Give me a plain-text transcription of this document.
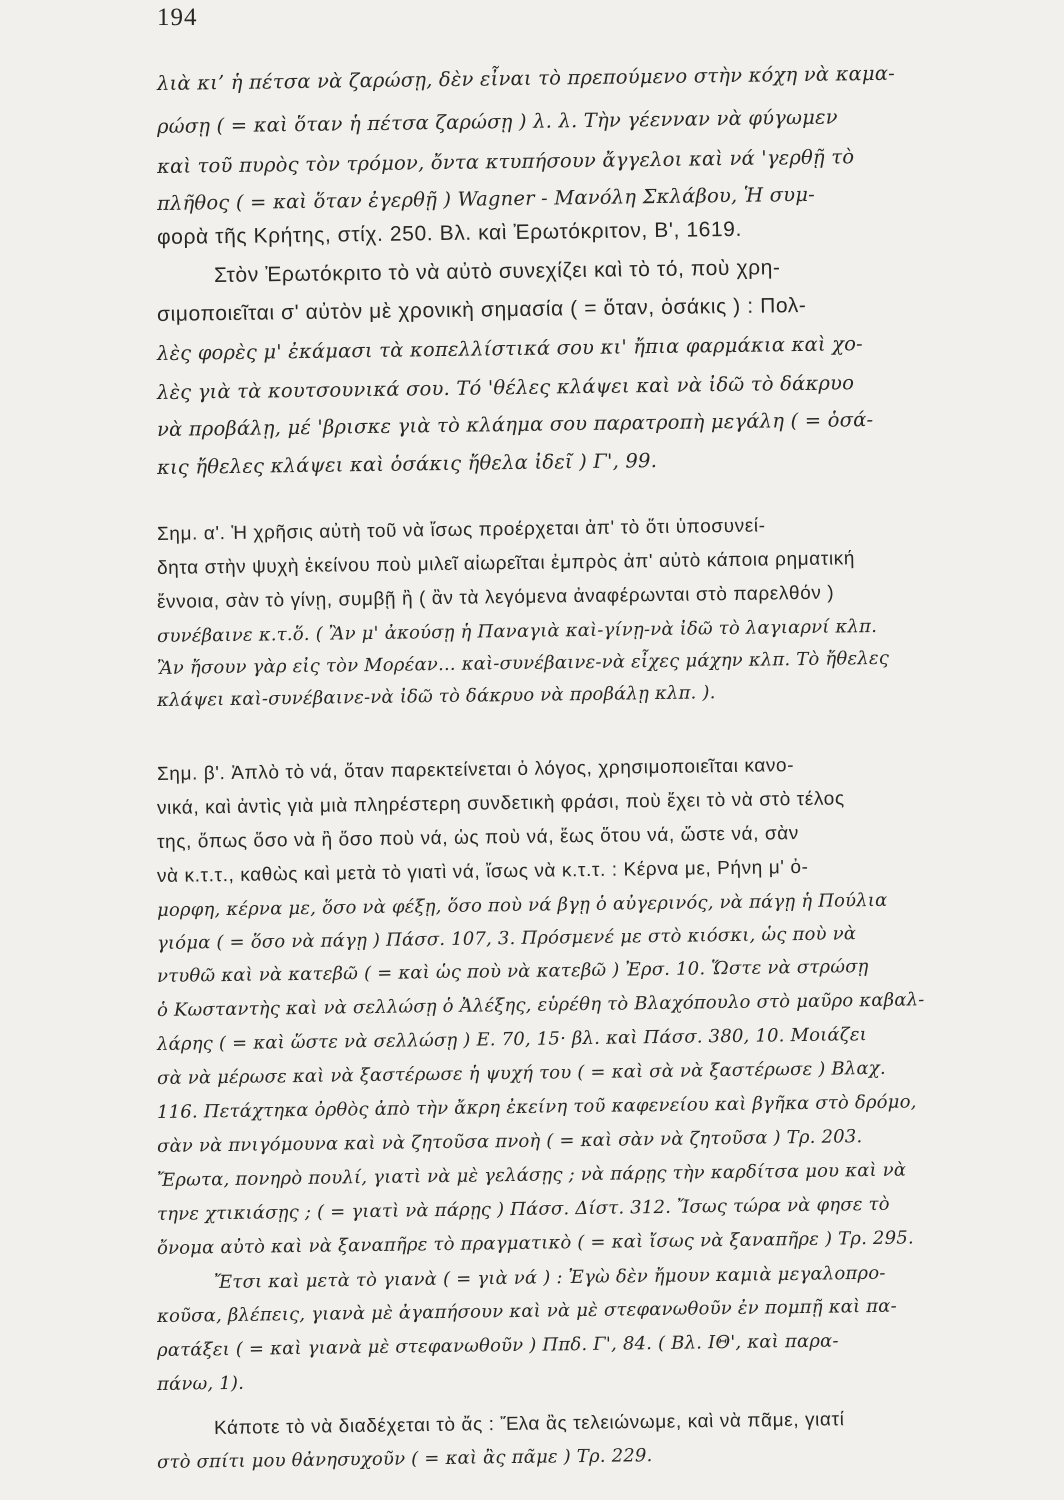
194
λιὰ κι’ ἡ πέτσα νὰ ζαρώσῃ, δὲν εἶναι τὸ πρεπούμενο στὴν κόχη νὰ καμα-
ρώσῃ ( = καὶ ὅταν ἡ πέτσα ζαρώσῃ ) λ. λ. Τὴν γέενναν νὰ φύγωμεν
καὶ τοῦ πυρὸς τὸν τρόμον, ὄντα κτυπήσουν ἄγγελοι καὶ νά 'γερθῇ τὸ
πλῆθος ( = καὶ ὅταν ἐγερθῇ ) Wagner - Μανόλη Σκλάβου, Ἡ συμ-
φορὰ τῆς Κρήτης, στίχ. 250. Βλ. καὶ Ἐρωτόκριτον, Β', 1619.
Στὸν Ἐρωτόκριτο τὸ νὰ αὐτὸ συνεχίζει καὶ τὸ τό, ποὺ χρη-
σιμοποιεῖται σ' αὐτὸν μὲ χρονικὴ σημασία ( = ὅταν, ὁσάκις ) : Πολ-
λὲς φορὲς μ' ἐκάμασι τὰ κοπελλίστικά σου κι' ἤπια φαρμάκια καὶ χο-
λὲς γιὰ τὰ κουτσουνικά σου. Τό 'θέλες κλάψει καὶ νὰ ἰδῶ τὸ δάκρυο
νὰ προβάλῃ, μέ 'βρισκε γιὰ τὸ κλάημα σου παρατροπὴ μεγάλη ( = ὁσά-
κις ἤθελες κλάψει καὶ ὁσάκις ἤθελα ἰδεῖ ) Γ', 99.
Σημ. α'. Ἡ χρῆσις αὐτὴ τοῦ νὰ ἴσως προέρχεται ἀπ' τὸ ὅτι ὑποσυνεί-
δητα στὴν ψυχὴ ἐκείνου ποὺ μιλεῖ αἰωρεῖται ἐμπρὸς ἀπ' αὐτὸ κάποια ρηματική
ἔννοια, σὰν τὸ γίνῃ, συμβῇ ἢ ( ἂν τὰ λεγόμενα ἀναφέρωνται στὸ παρελθόν )
συνέβαινε κ.τ.ὅ. ( Ἂν μ' ἀκούσῃ ἡ Παναγιὰ καὶ-γίνῃ-νὰ ἰδῶ τὸ λαγιαρνί κλπ.
Ἂν ἤσουν γὰρ εἰς τὸν Μορέαν... καὶ-συνέβαινε-νὰ εἶχες μάχην κλπ. Τὸ ἤθελες
κλάψει καὶ-συνέβαινε-νὰ ἰδῶ τὸ δάκρυο νὰ προβάλῃ κλπ. ).
Σημ. β'. Ἁπλὸ τὸ νά, ὅταν παρεκτείνεται ὁ λόγος, χρησιμοποιεῖται κανο-
νικά, καὶ ἀντὶς γιὰ μιὰ πληρέστερη συνδετικὴ φράσι, ποὺ ἔχει τὸ νὰ στὸ τέλος
της, ὅπως ὅσο νὰ ἢ ὅσο ποὺ νά, ὡς ποὺ νά, ἕως ὅτου νά, ὥστε νά, σὰν
νὰ κ.τ.τ., καθὼς καὶ μετὰ τὸ γιατὶ νά, ἴσως νὰ κ.τ.τ. : Κέρνα με, Ρήνη μ' ὀ-
μορφη, κέρνα με, ὅσο νὰ φέξῃ, ὅσο ποὺ νά βγῃ ὁ αὐγερινός, νὰ πάγῃ ἡ Πούλια
γιόμα ( = ὅσο νὰ πάγῃ ) Πάσσ. 107, 3. Πρόσμενέ με στὸ κιόσκι, ὡς ποὺ νὰ
ντυθῶ καὶ νὰ κατεβῶ ( = καὶ ὡς ποὺ νὰ κατεβῶ ) Ἐρσ. 10. Ὥστε νὰ στρώσῃ
ὁ Κωσταντὴς καὶ νὰ σελλώσῃ ὁ Ἀλέξης, εὑρέθη τὸ Βλαχόπουλο στὸ μαῦρο καβαλ-
λάρης ( = καὶ ὥστε νὰ σελλώσῃ ) Ε. 70, 15· βλ. καὶ Πάσσ. 380, 10. Μοιάζει
σὰ νὰ μέρωσε καὶ νὰ ξαστέρωσε ἡ ψυχή του ( = καὶ σὰ νὰ ξαστέρωσε ) Βλαχ.
116. Πετάχτηκα ὀρθὸς ἀπὸ τὴν ἄκρη ἐκείνη τοῦ καφενείου καὶ βγῆκα στὸ δρόμο,
σὰν νὰ πνιγόμουνα καὶ νὰ ζητοῦσα πνοὴ ( = καὶ σὰν νὰ ζητοῦσα ) Τρ. 203.
Ἔρωτα, πονηρὸ πουλί, γιατὶ νὰ μὲ γελάσῃς ; νὰ πάρῃς τὴν καρδίτσα μου καὶ νὰ
τηνε χτικιάσῃς ; ( = γιατὶ νὰ πάρῃς ) Πάσσ. Δίστ. 312. Ἴσως τώρα νὰ φησε τὸ
ὄνομα αὐτὸ καὶ νὰ ξαναπῆρε τὸ πραγματικὸ ( = καὶ ἴσως νὰ ξαναπῆρε ) Τρ. 295.
Ἔτσι καὶ μετὰ τὸ γιανὰ ( = γιὰ νά ) : Ἐγὼ δὲν ἤμουν καμιὰ μεγαλοπρο-
κοῦσα, βλέπεις, γιανὰ μὲ ἀγαπήσουν καὶ νὰ μὲ στεφανωθοῦν ἐν πομπῇ καὶ πα-
ρατάξει ( = καὶ γιανὰ μὲ στεφανωθοῦν ) Ππδ. Γ', 84. ( Βλ. ΙΘ', καὶ παρα-
πάνω, 1).
Κάποτε τὸ νὰ διαδέχεται τὸ ἄς : Ἔλα ἂς τελειώνωμε, καὶ νὰ πᾶμε, γιατί
στὸ σπίτι μου θἀνησυχοῦν ( = καὶ ἂς πᾶμε ) Τρ. 229.
